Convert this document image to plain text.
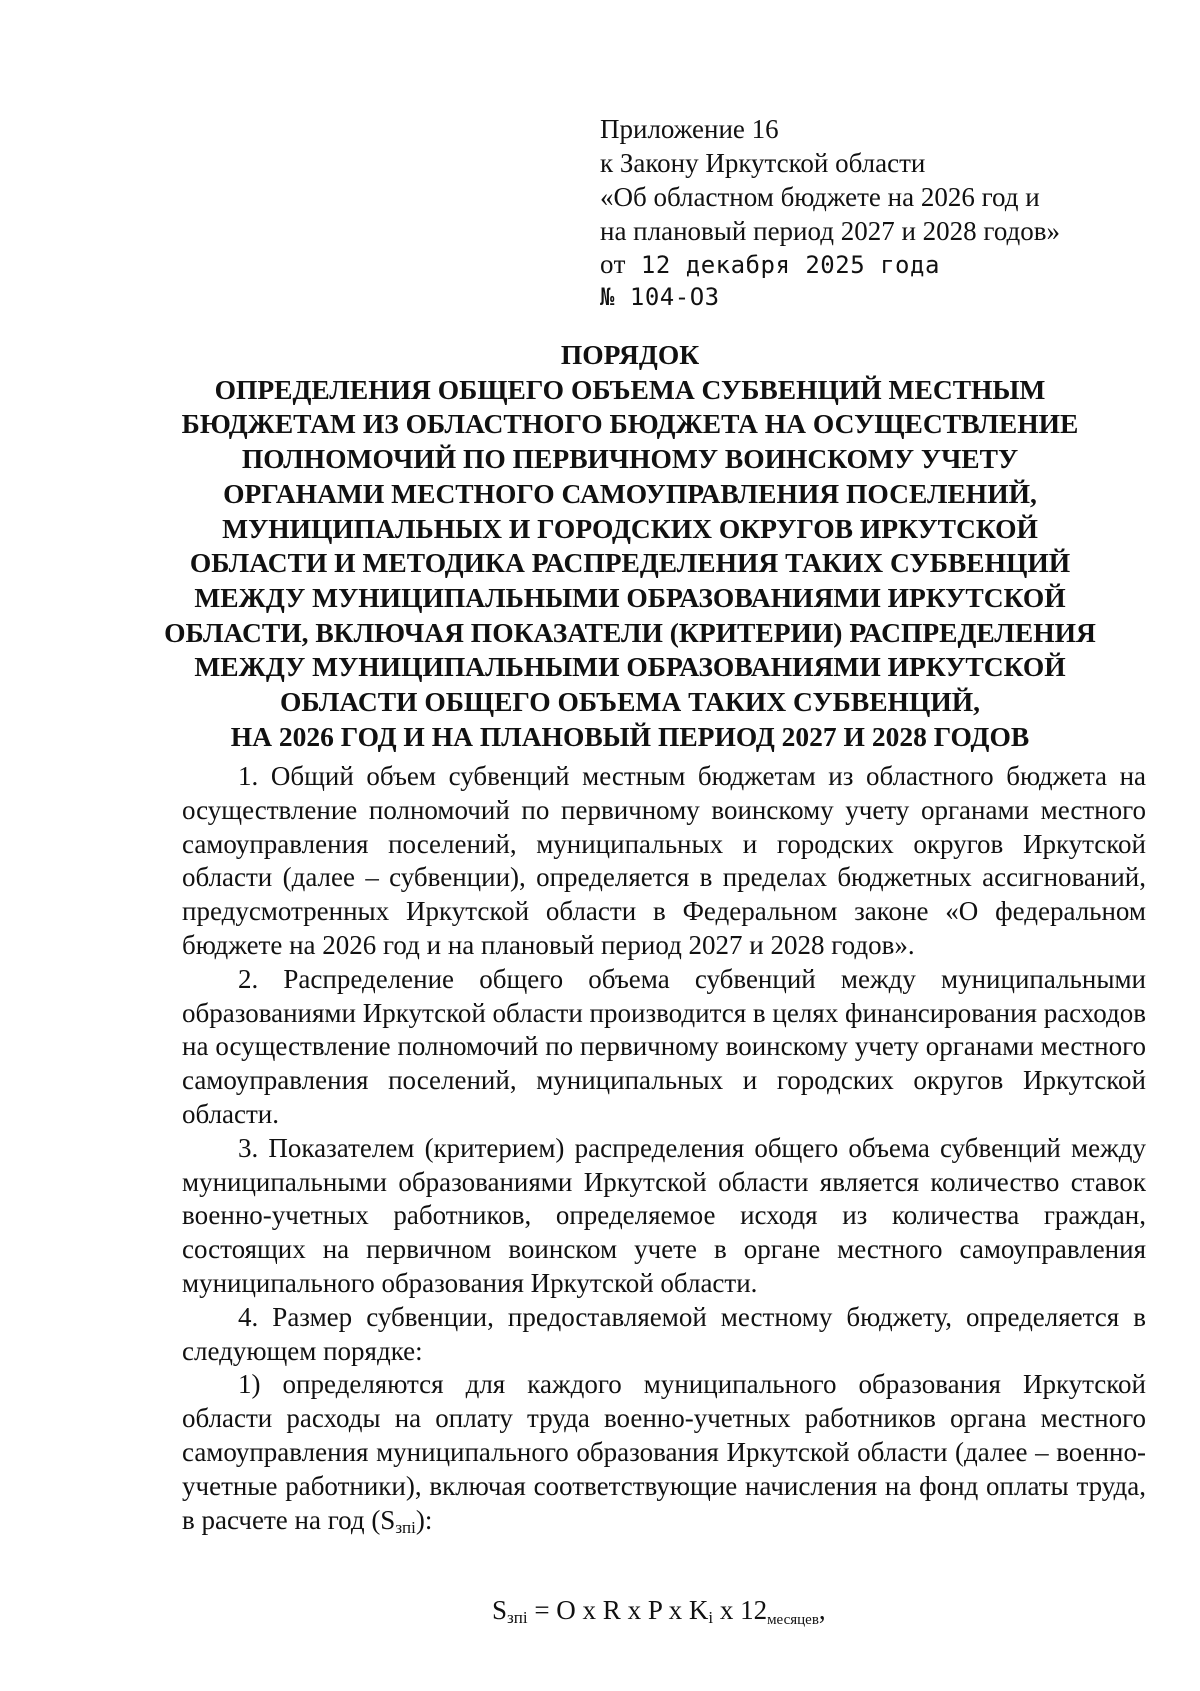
Приложение 16
к Закону Иркутской области
«Об областном бюджете на 2026 год и
на плановый период 2027 и 2028 годов»
от 12 декабря 2025 года
№ 104-ОЗ
ПОРЯДОК
ОПРЕДЕЛЕНИЯ ОБЩЕГО ОБЪЕМА СУБВЕНЦИЙ МЕСТНЫМ
БЮДЖЕТАМ ИЗ ОБЛАСТНОГО БЮДЖЕТА НА ОСУЩЕСТВЛЕНИЕ
ПОЛНОМОЧИЙ ПО ПЕРВИЧНОМУ ВОИНСКОМУ УЧЕТУ
ОРГАНАМИ МЕСТНОГО САМОУПРАВЛЕНИЯ ПОСЕЛЕНИЙ,
МУНИЦИПАЛЬНЫХ И ГОРОДСКИХ ОКРУГОВ ИРКУТСКОЙ
ОБЛАСТИ И МЕТОДИКА РАСПРЕДЕЛЕНИЯ ТАКИХ СУБВЕНЦИЙ
МЕЖДУ МУНИЦИПАЛЬНЫМИ ОБРАЗОВАНИЯМИ ИРКУТСКОЙ
ОБЛАСТИ, ВКЛЮЧАЯ ПОКАЗАТЕЛИ (КРИТЕРИИ) РАСПРЕДЕЛЕНИЯ
МЕЖДУ МУНИЦИПАЛЬНЫМИ ОБРАЗОВАНИЯМИ ИРКУТСКОЙ
ОБЛАСТИ ОБЩЕГО ОБЪЕМА ТАКИХ СУБВЕНЦИЙ,
НА 2026 ГОД И НА ПЛАНОВЫЙ ПЕРИОД 2027 И 2028 ГОДОВ

1. Общий объем субвенций местным бюджетам из областного бюджета на осуществление полномочий по первичному воинскому учету органами местного самоуправления поселений, муниципальных и городских округов Иркутской области (далее – субвенции), определяется в пределах бюджетных ассигнований, предусмотренных Иркутской области в Федеральном законе «О федеральном бюджете на 2026 год и на плановый период 2027 и 2028 годов».

2. Распределение общего объема субвенций между муниципальными образованиями Иркутской области производится в целях финансирования расходов на осуществление полномочий по первичному воинскому учету органами местного самоуправления поселений, муниципальных и городских округов Иркутской области.

3. Показателем (критерием) распределения общего объема субвенций между муниципальными образованиями Иркутской области является количество ставок военно-учетных работников, определяемое исходя из количества граждан, состоящих на первичном воинском учете в органе местного самоуправления муниципального образования Иркутской области.

4. Размер субвенции, предоставляемой местному бюджету, определяется в следующем порядке:

1) определяются для каждого муниципального образования Иркутской области расходы на оплату труда военно-учетных работников органа местного самоуправления муниципального образования Иркутской области (далее – военно-учетные работники), включая соответствующие начисления на фонд оплаты труда, в расчете на год $(S_{зпi})$:

$S_{зпi} = O$ x R x P x $K_i$ x 12месяцев,
